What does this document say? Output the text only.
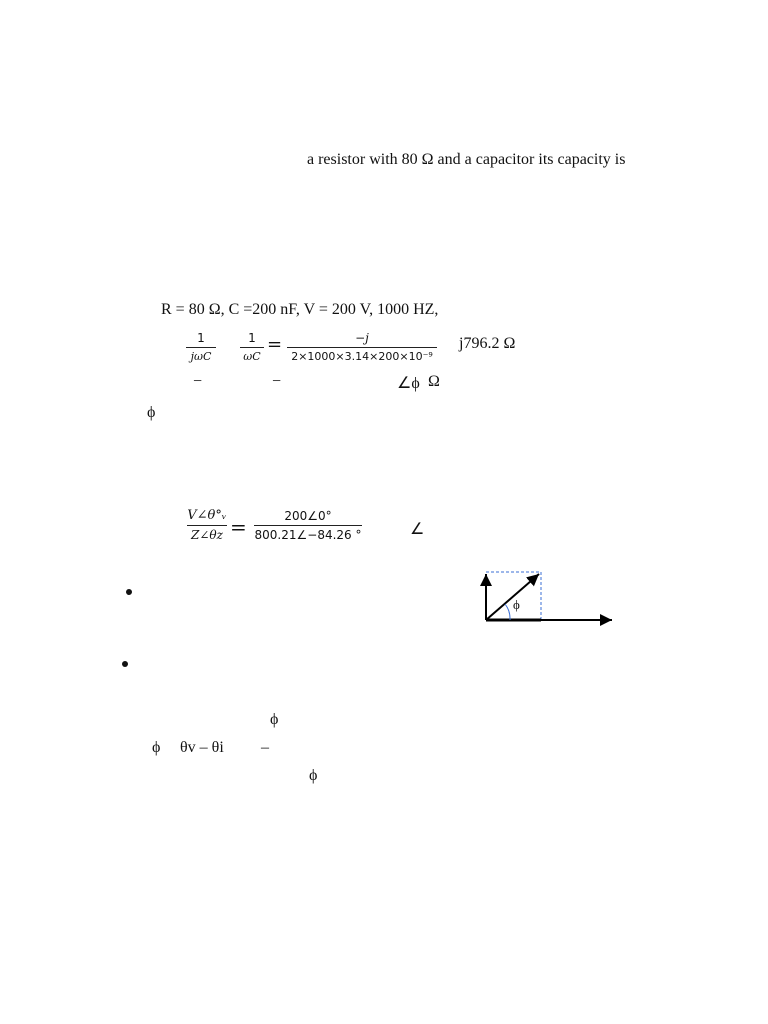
a resistor with 80 Ω and a capacitor its capacity is
R = 80 Ω, C =200 nF, V = 200 V, 1000 HZ,
1
jωC
1
ωC
=	−j
2×1000×3.14×200×10⁻⁹
j796.2 Ω
−	−	∠ϕ Ω
ϕ
V∠θ°ᵥ
Z∠θz =	200∠0°
800.21∠−84.26 °	∠
ϕ
ϕ
ϕ θv – θi –
ϕ
